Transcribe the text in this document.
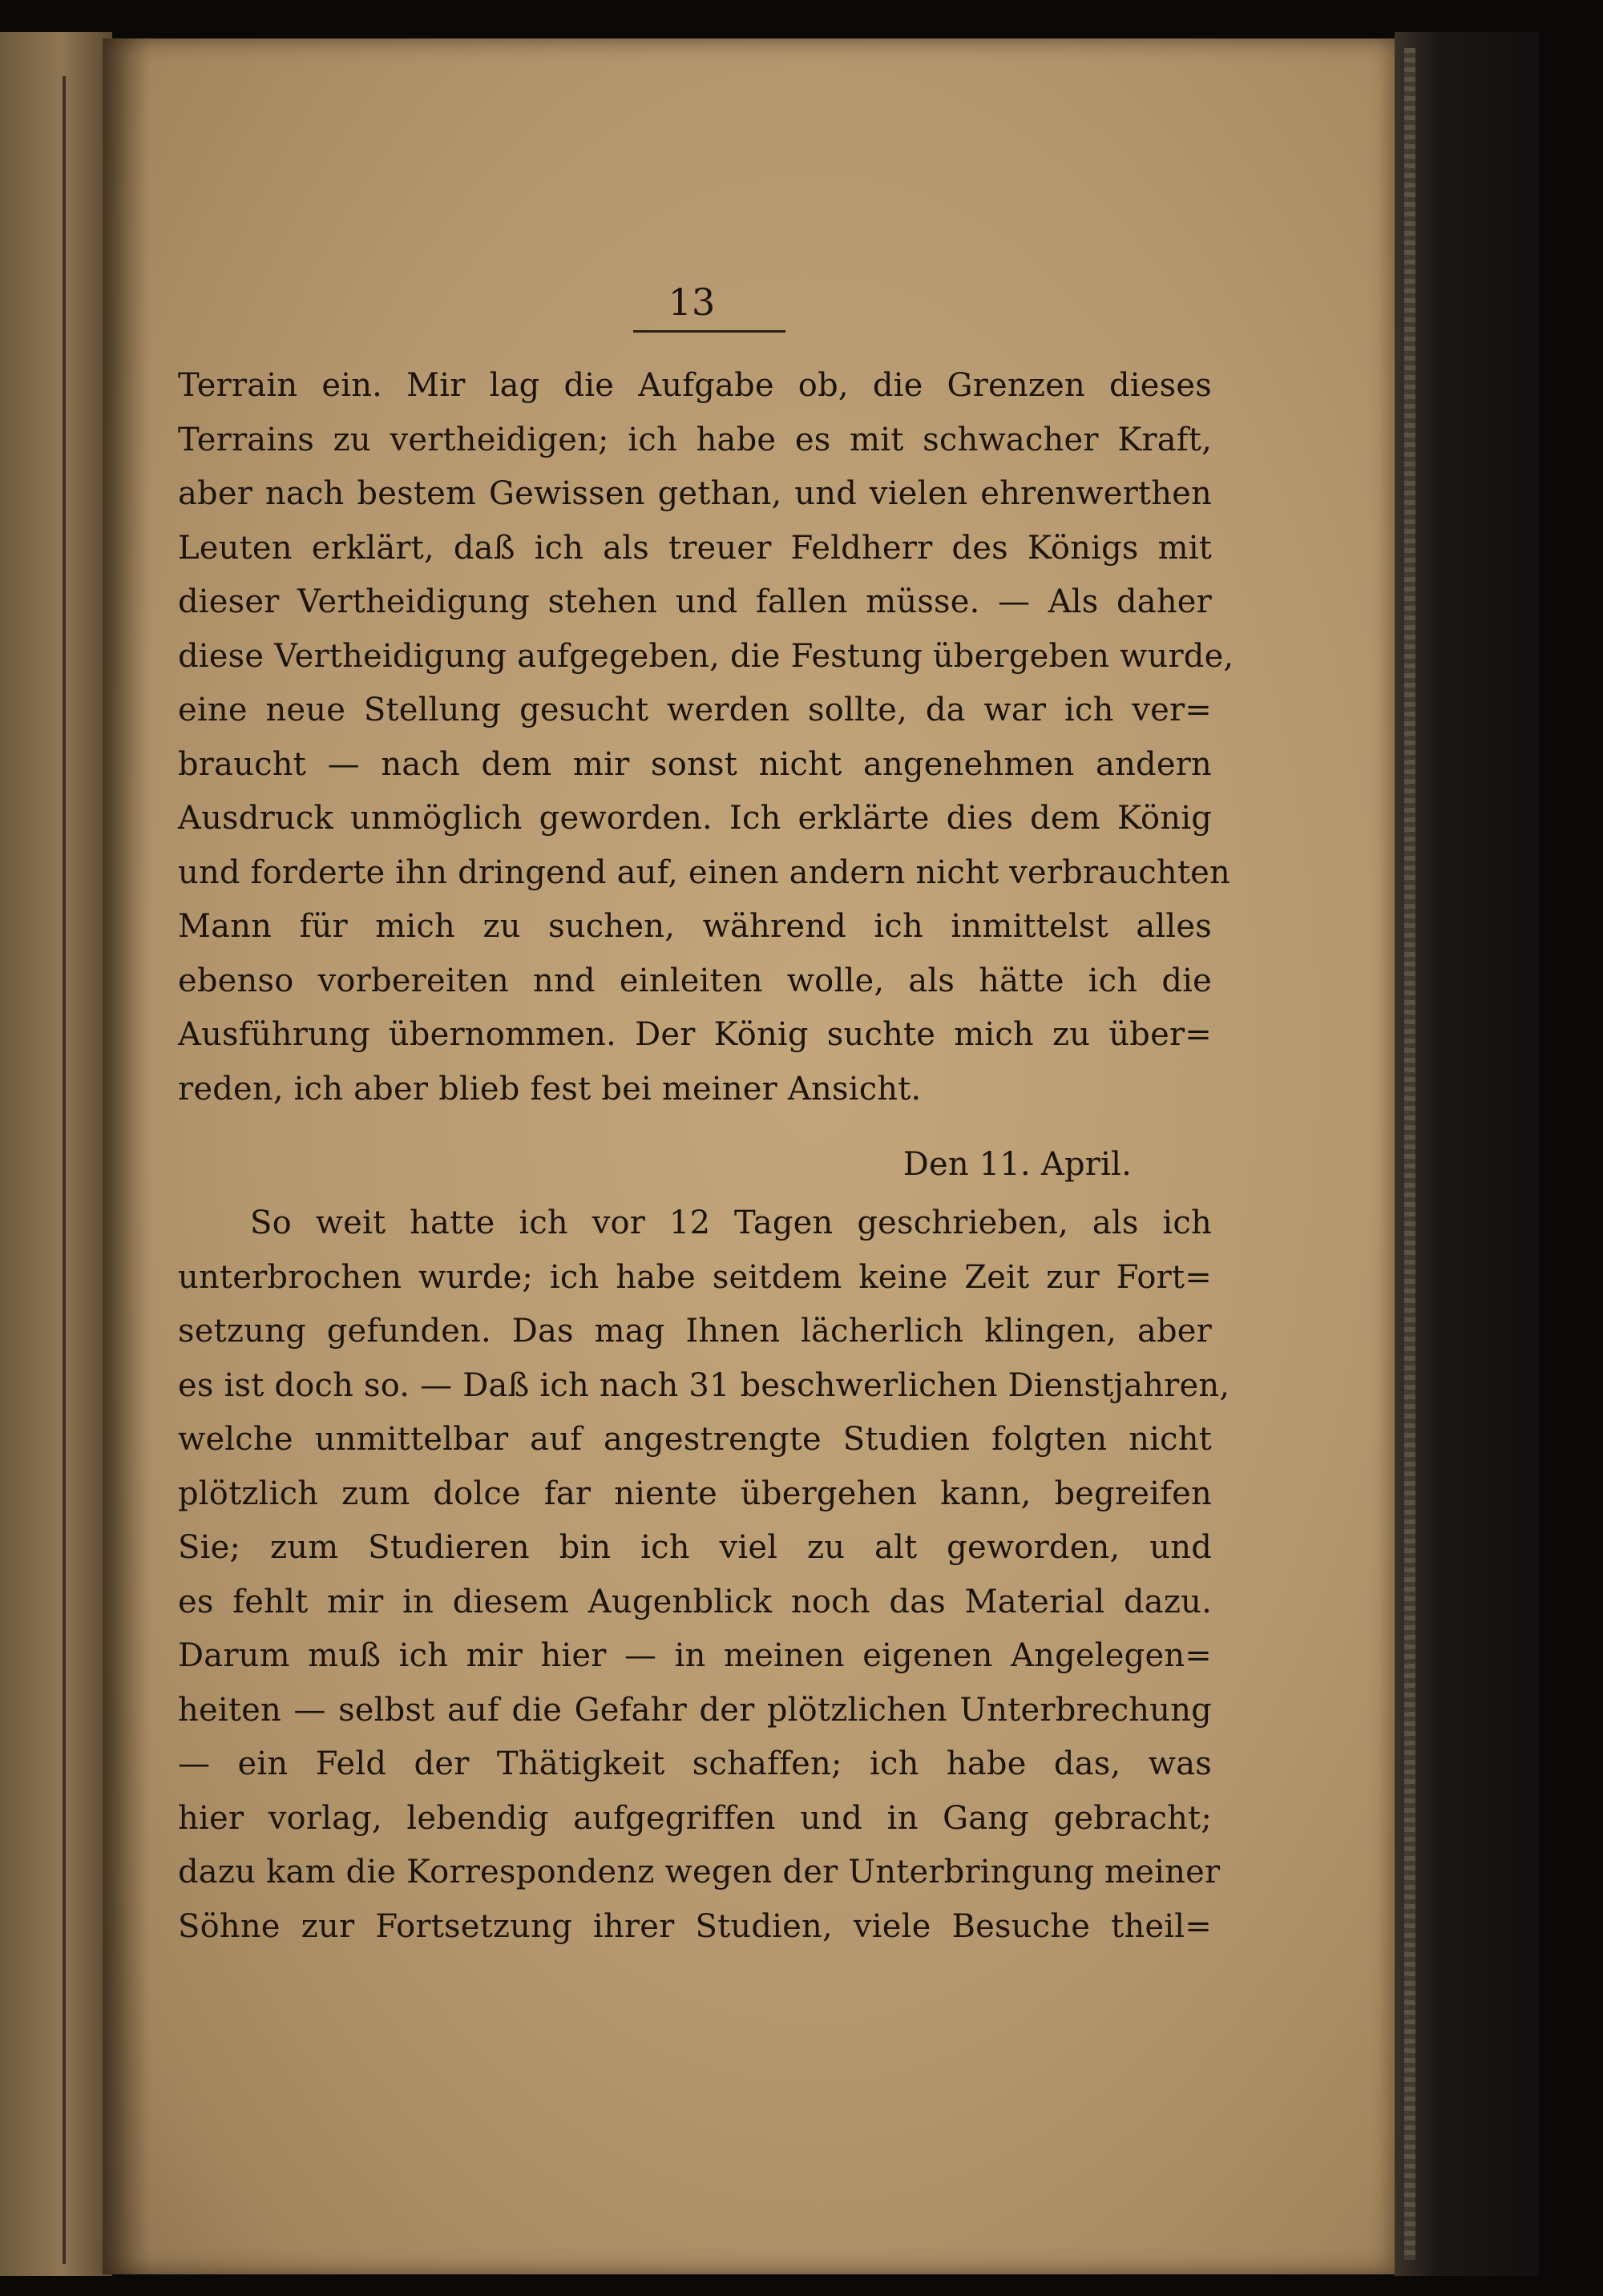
13
Terrain ein. Mir lag die Aufgabe ob, die Grenzen dieses
Terrains zu vertheidigen; ich habe es mit schwacher Kraft,
aber nach bestem Gewissen gethan, und vielen ehrenwerthen
Leuten erklärt, daß ich als treuer Feldherr des Königs mit
dieser Vertheidigung stehen und fallen müsse. — Als daher
diese Vertheidigung aufgegeben, die Festung übergeben wurde,
eine neue Stellung gesucht werden sollte, da war ich ver=
braucht — nach dem mir sonst nicht angenehmen andern
Ausdruck unmöglich geworden. Ich erklärte dies dem König
und forderte ihn dringend auf, einen andern nicht verbrauchten
Mann für mich zu suchen, während ich inmittelst alles
ebenso vorbereiten nnd einleiten wolle, als hätte ich die
Ausführung übernommen. Der König suchte mich zu über=
reden, ich aber blieb fest bei meiner Ansicht.
Den 11. April.
So weit hatte ich vor 12 Tagen geschrieben, als ich
unterbrochen wurde; ich habe seitdem keine Zeit zur Fort=
setzung gefunden. Das mag Ihnen lächerlich klingen, aber
es ist doch so. — Daß ich nach 31 beschwerlichen Dienstjahren,
welche unmittelbar auf angestrengte Studien folgten nicht
plötzlich zum dolce far niente übergehen kann, begreifen
Sie; zum Studieren bin ich viel zu alt geworden, und
es fehlt mir in diesem Augenblick noch das Material dazu.
Darum muß ich mir hier — in meinen eigenen Angelegen=
heiten — selbst auf die Gefahr der plötzlichen Unterbrechung
— ein Feld der Thätigkeit schaffen; ich habe das, was
hier vorlag, lebendig aufgegriffen und in Gang gebracht;
dazu kam die Korrespondenz wegen der Unterbringung meiner
Söhne zur Fortsetzung ihrer Studien, viele Besuche theil=
